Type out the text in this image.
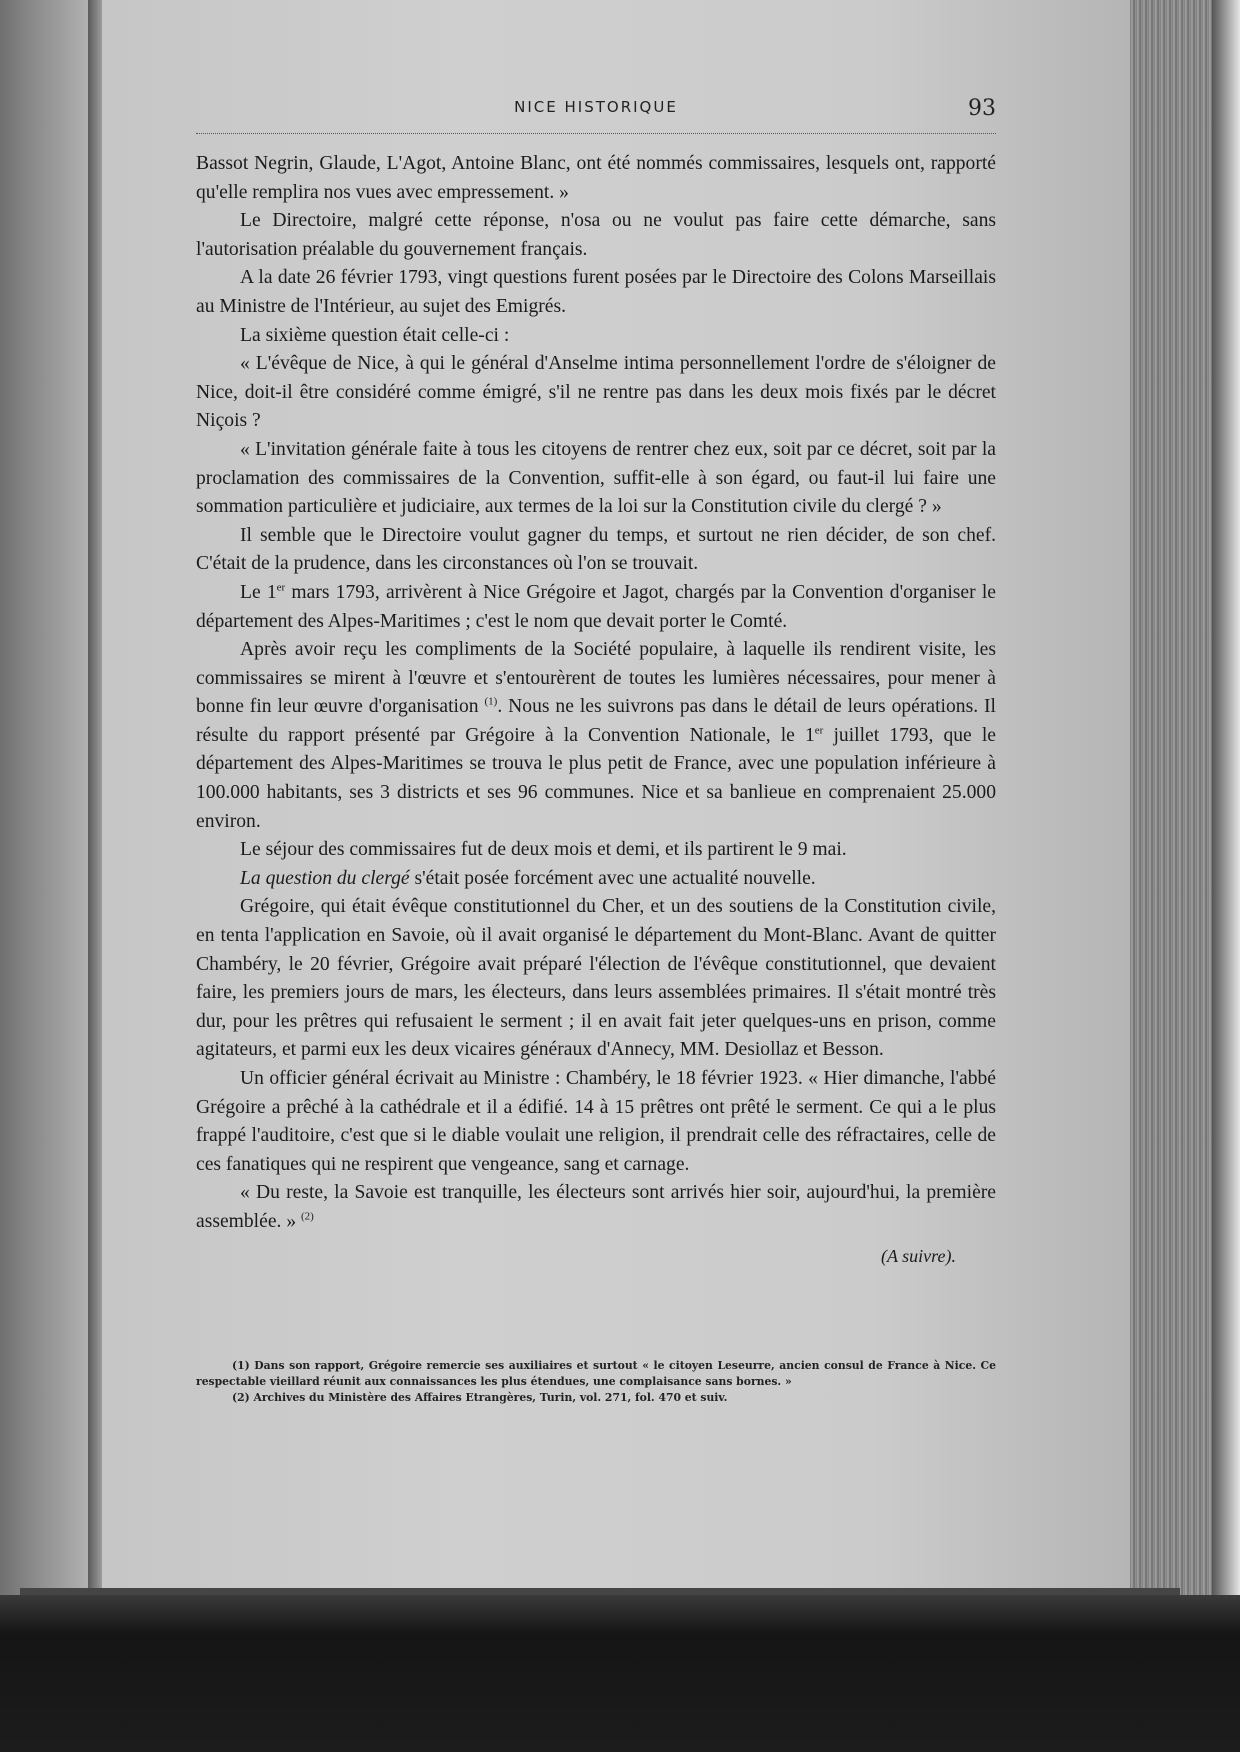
NICE HISTORIQUE	93

Bassot Negrin, Glaude, L'Agot, Antoine Blanc, ont été nommés commissaires, lesquels ont, rapporté qu'elle remplira nos vues avec empressement. »

Le Directoire, malgré cette réponse, n'osa ou ne voulut pas faire cette démarche, sans l'autorisation préalable du gouvernement français.

A la date 26 février 1793, vingt questions furent posées par le Directoire des Colons Marseillais au Ministre de l'Intérieur, au sujet des Emigrés.

La sixième question était celle-ci :

« L'évêque de Nice, à qui le général d'Anselme intima personnellement l'ordre de s'éloigner de Nice, doit-il être considéré comme émigré, s'il ne rentre pas dans les deux mois fixés par le décret Niçois ?

« L'invitation générale faite à tous les citoyens de rentrer chez eux, soit par ce décret, soit par la proclamation des commissaires de la Convention, suffit-elle à son égard, ou faut-il lui faire une sommation particulière et judiciaire, aux termes de la loi sur la Constitution civile du clergé ? »

Il semble que le Directoire voulut gagner du temps, et surtout ne rien décider, de son chef. C'était de la prudence, dans les circonstances où l'on se trouvait.

Le 1er mars 1793, arrivèrent à Nice Grégoire et Jagot, chargés par la Convention d'organiser le département des Alpes-Maritimes ; c'est le nom que devait porter le Comté.

Après avoir reçu les compliments de la Société populaire, à laquelle ils rendirent visite, les commissaires se mirent à l'œuvre et s'entourèrent de toutes les lumières nécessaires, pour mener à bonne fin leur œuvre d'organisation $^{(1)}$. Nous ne les suivrons pas dans le détail de leurs opérations. Il résulte du rapport présenté par Grégoire à la Convention Nationale, le 1er juillet 1793, que le département des Alpes-Maritimes se trouva le plus petit de France, avec une population inférieure à 100.000 habitants, ses 3 districts et ses 96 communes. Nice et sa banlieue en comprenaient 25.000 environ.

Le séjour des commissaires fut de deux mois et demi, et ils partirent le 9 mai.

La question du clergé s'était posée forcément avec une actualité nouvelle.

Grégoire, qui était évêque constitutionnel du Cher, et un des soutiens de la Constitution civile, en tenta l'application en Savoie, où il avait organisé le département du Mont-Blanc. Avant de quitter Chambéry, le 20 février, Grégoire avait préparé l'élection de l'évêque constitutionnel, que devaient faire, les premiers jours de mars, les électeurs, dans leurs assemblées primaires. Il s'était montré très dur, pour les prêtres qui refusaient le serment ; il en avait fait jeter quelques-uns en prison, comme agitateurs, et parmi eux les deux vicaires généraux d'Annecy, MM. Desiollaz et Besson.

Un officier général écrivait au Ministre : Chambéry, le 18 février 1923. « Hier dimanche, l'abbé Grégoire a prêché à la cathédrale et il a édifié. 14 à 15 prêtres ont prêté le serment. Ce qui a le plus frappé l'auditoire, c'est que si le diable voulait une religion, il prendrait celle des réfractaires, celle de ces fanatiques qui ne respirent que vengeance, sang et carnage.

« Du reste, la Savoie est tranquille, les électeurs sont arrivés hier soir, aujourd'hui, la première assemblée. » $^{(2)}$

(A suivre).

(1) Dans son rapport, Grégoire remercie ses auxiliaires et surtout « le citoyen Leseurre, ancien consul de France à Nice. Ce respectable vieillard réunit aux connaissances les plus étendues, une complaisance sans bornes. »

(2) Archives du Ministère des Affaires Etrangères, Turin, vol. 271, fol. 470 et suiv.
